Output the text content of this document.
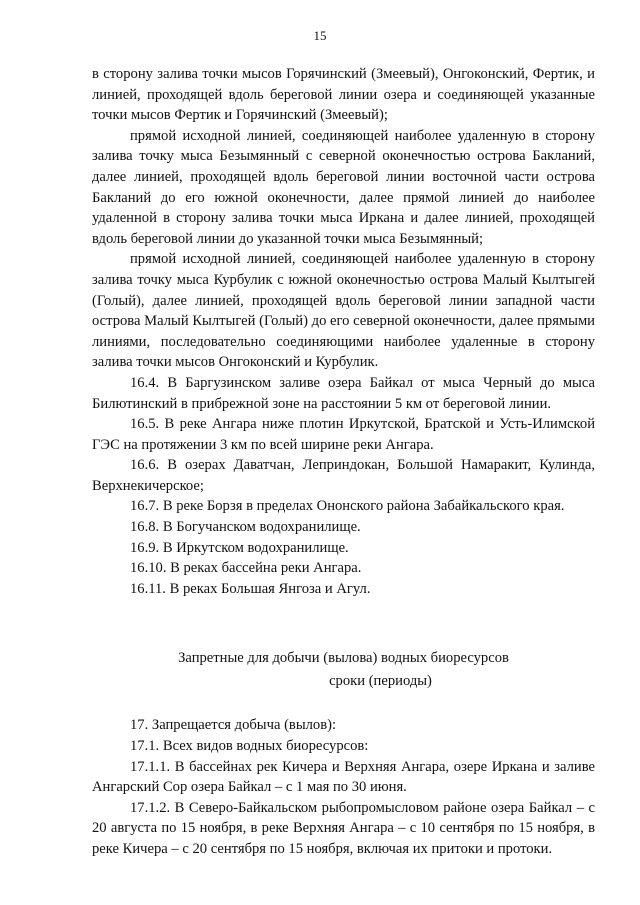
15

в сторону залива точки мысов Горячинский (Змеевый), Онгоконский, Фертик, и линией, проходящей вдоль береговой линии озера и соединяющей указанные точки мысов Фертик и Горячинский (Змеевый);

прямой исходной линией, соединяющей наиболее удаленную в сторону залива точку мыса Безымянный с северной оконечностью острова Бакланий, далее линией, проходящей вдоль береговой линии восточной части острова Бакланий до его южной оконечности, далее прямой линией до наиболее удаленной в сторону залива точки мыса Иркана и далее линией, проходящей вдоль береговой линии до указанной точки мыса Безымянный;

прямой исходной линией, соединяющей наиболее удаленную в сторону залива точку мыса Курбулик с южной оконечностью острова Малый Кылтыгей (Голый), далее линией, проходящей вдоль береговой линии западной части острова Малый Кылтыгей (Голый) до его северной оконечности, далее прямыми линиями, последовательно соединяющими наиболее удаленные в сторону залива точки мысов Онгоконский и Курбулик.

16.4. В Баргузинском заливе озера Байкал от мыса Черный до мыса Билютинский в прибрежной зоне на расстоянии 5 км от береговой линии.

16.5. В реке Ангара ниже плотин Иркутской, Братской и Усть-Илимской ГЭС на протяжении 3 км по всей ширине реки Ангара.

16.6. В озерах Даватчан, Леприндокан, Большой Намаракит, Кулинда, Верхнекичерское;

16.7. В реке Борзя в пределах Ононского района Забайкальского края.

16.8. В Богучанском водохранилище.

16.9. В Иркутском водохранилище.

16.10. В реках бассейна реки Ангара.

16.11. В реках Большая Янгоза и Агул.

Запретные для добычи (вылова) водных биоресурсов
сроки (периоды)

17. Запрещается добыча (вылов):

17.1. Всех видов водных биоресурсов:

17.1.1. В бассейнах рек Кичера и Верхняя Ангара, озере Иркана и заливе Ангарский Сор озера Байкал – с 1 мая по 30 июня.

17.1.2. В Северо-Байкальском рыбопромысловом районе озера Байкал – с 20 августа по 15 ноября, в реке Верхняя Ангара – с 10 сентября по 15 ноября, в реке Кичера – с 20 сентября по 15 ноября, включая их притоки и протоки.
